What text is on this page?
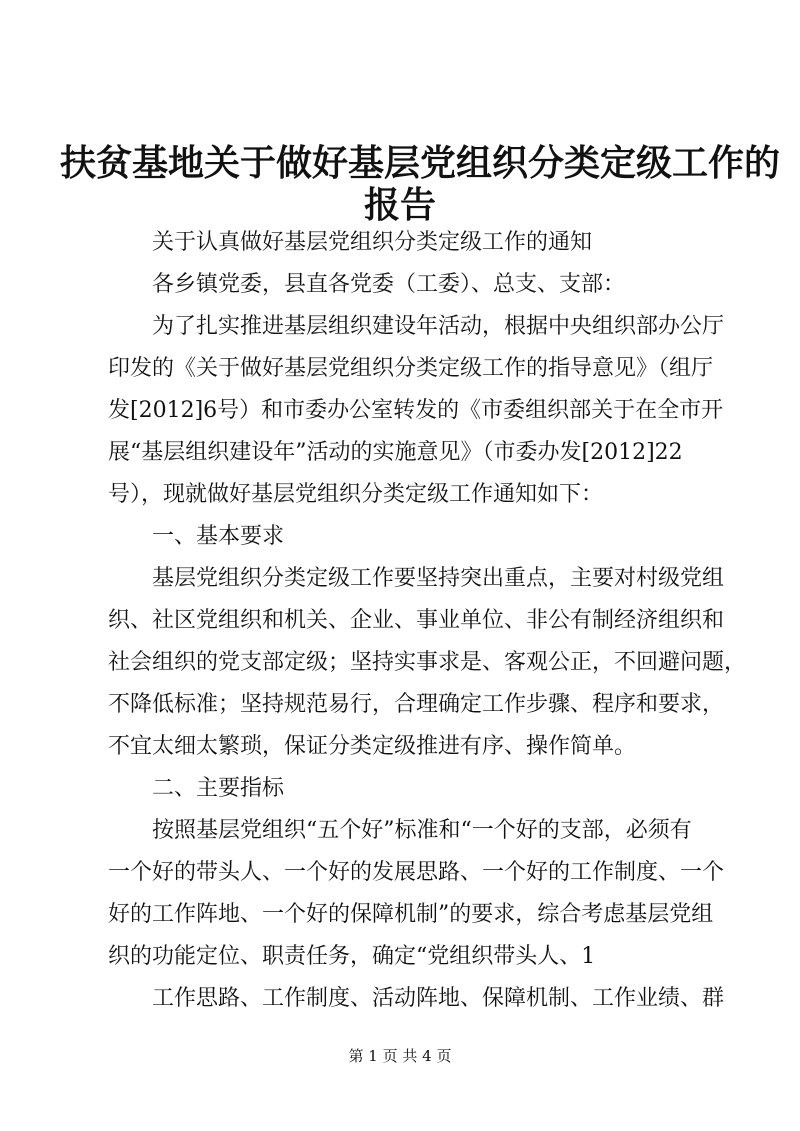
扶贫基地关于做好基层党组织分类定级工作的
报告

关于认真做好基层党组织分类定级工作的通知

各乡镇党委，县直各党委（工委）、总支、支部：

为了扎实推进基层组织建设年活动，根据中央组织部办公厅

印发的《关于做好基层党组织分类定级工作的指导意见》（组厅

发[2012]6号）和市委办公室转发的《市委组织部关于在全市开

展“基层组织建设年”活动的实施意见》（市委办发[2012]22

号），现就做好基层党组织分类定级工作通知如下：

一、基本要求

基层党组织分类定级工作要坚持突出重点，主要对村级党组

织、社区党组织和机关、企业、事业单位、非公有制经济组织和

社会组织的党支部定级；坚持实事求是、客观公正，不回避问题，

不降低标准；坚持规范易行，合理确定工作步骤、程序和要求，

不宜太细太繁琐，保证分类定级推进有序、操作简单。

二、主要指标

按照基层党组织“五个好”标准和“一个好的支部，必须有

一个好的带头人、一个好的发展思路、一个好的工作制度、一个

好的工作阵地、一个好的保障机制”的要求，综合考虑基层党组

织的功能定位、职责任务，确定“党组织带头人、1

工作思路、工作制度、活动阵地、保障机制、工作业绩、群

第 1 页 共 4 页
